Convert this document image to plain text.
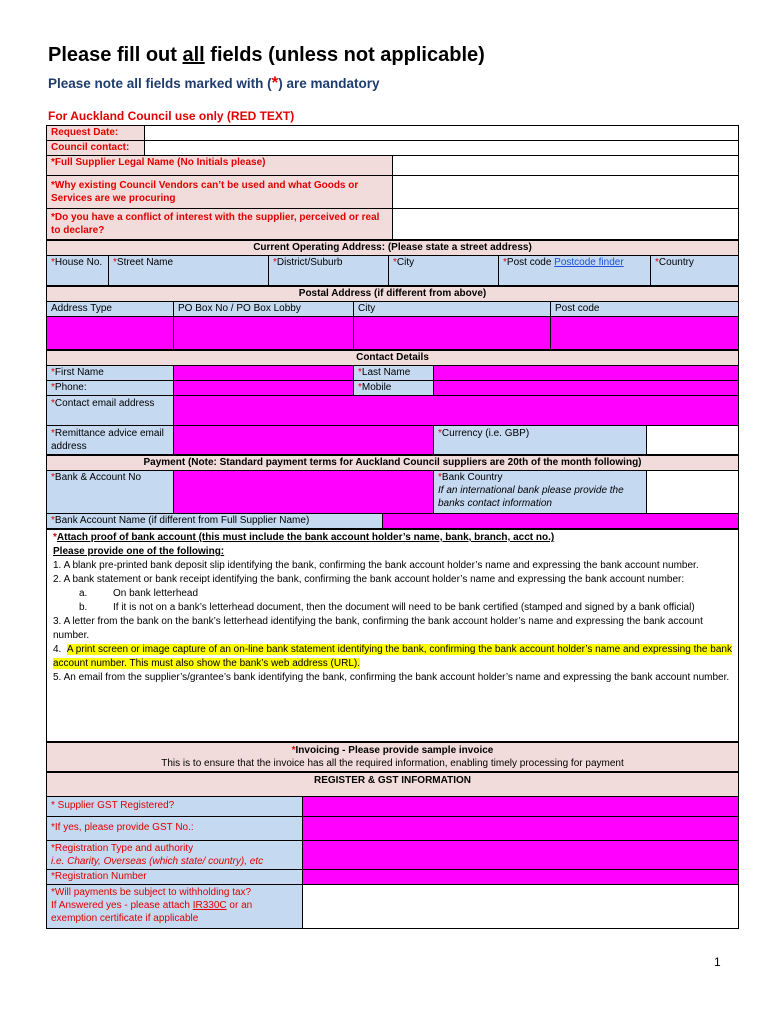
Please fill out all fields (unless not applicable)
Please note all fields marked with (*) are mandatory
For Auckland Council use only (RED TEXT)
Request Date:		
Council contact:		
*Full Supplier Legal Name (No Initials please)		
*Why existing Council Vendors can’t be used and what Goods or Services are we procuring		
*Do you have a conflict of interest with the supplier, perceived or real to declare?		
Current Operating Address: (Please state a street address)
*House No.	*Street Name	*District/Suburb	*City	*Post code Postcode finder	*Country
Postal Address (if different from above)			
Address Type	PO Box No / PO Box Lobby	City	Post code

Contact Details				
*First Name		*Last Name		
*Phone:		*Mobile		
*Contact email address				
*Remittance advice email address			*Currency (i.e. GBP)	
Payment (Note: Standard payment terms for Auckland Council suppliers are 20th of the month following)				
*Bank & Account No			*Bank Country
If an international bank please provide the banks contact information	
*Bank Account Name (if different from Full Supplier Name)				
*Attach proof of bank account (this must include the bank account holder’s name, bank, branch, acct no.)
Please provide one of the following:
1. A blank pre-printed bank deposit slip identifying the bank, confirming the bank account holder’s name and expressing the bank account number.
2. A bank statement or bank receipt identifying the bank, confirming the bank account holder’s name and expressing the bank account number:
a.	On bank letterhead
b.	If it is not on a bank’s letterhead document, then the document will need to be bank certified (stamped and signed by a bank official)
3. A letter from the bank on the bank’s letterhead identifying the bank, confirming the bank account holder’s name and expressing the bank account number.
4. A print screen or image capture of an on-line bank statement identifying the bank, confirming the bank account holder’s name and expressing the bank account number. This must also show the bank’s web address (URL).
5. An email from the supplier’s/grantee’s bank identifying the bank, confirming the bank account holder’s name and expressing the bank account number.
*Invoicing - Please provide sample invoice
This is to ensure that the invoice has all the required information, enabling timely processing for payment
REGISTER & GST INFORMATION	
* Supplier GST Registered?	
*If yes, please provide GST No.:	
*Registration Type and authority
i.e. Charity, Overseas (which state/ country), etc	
*Registration Number	
*Will payments be subject to withholding tax?
If Answered yes - please attach IR330C or an exemption certificate if applicable	
1
